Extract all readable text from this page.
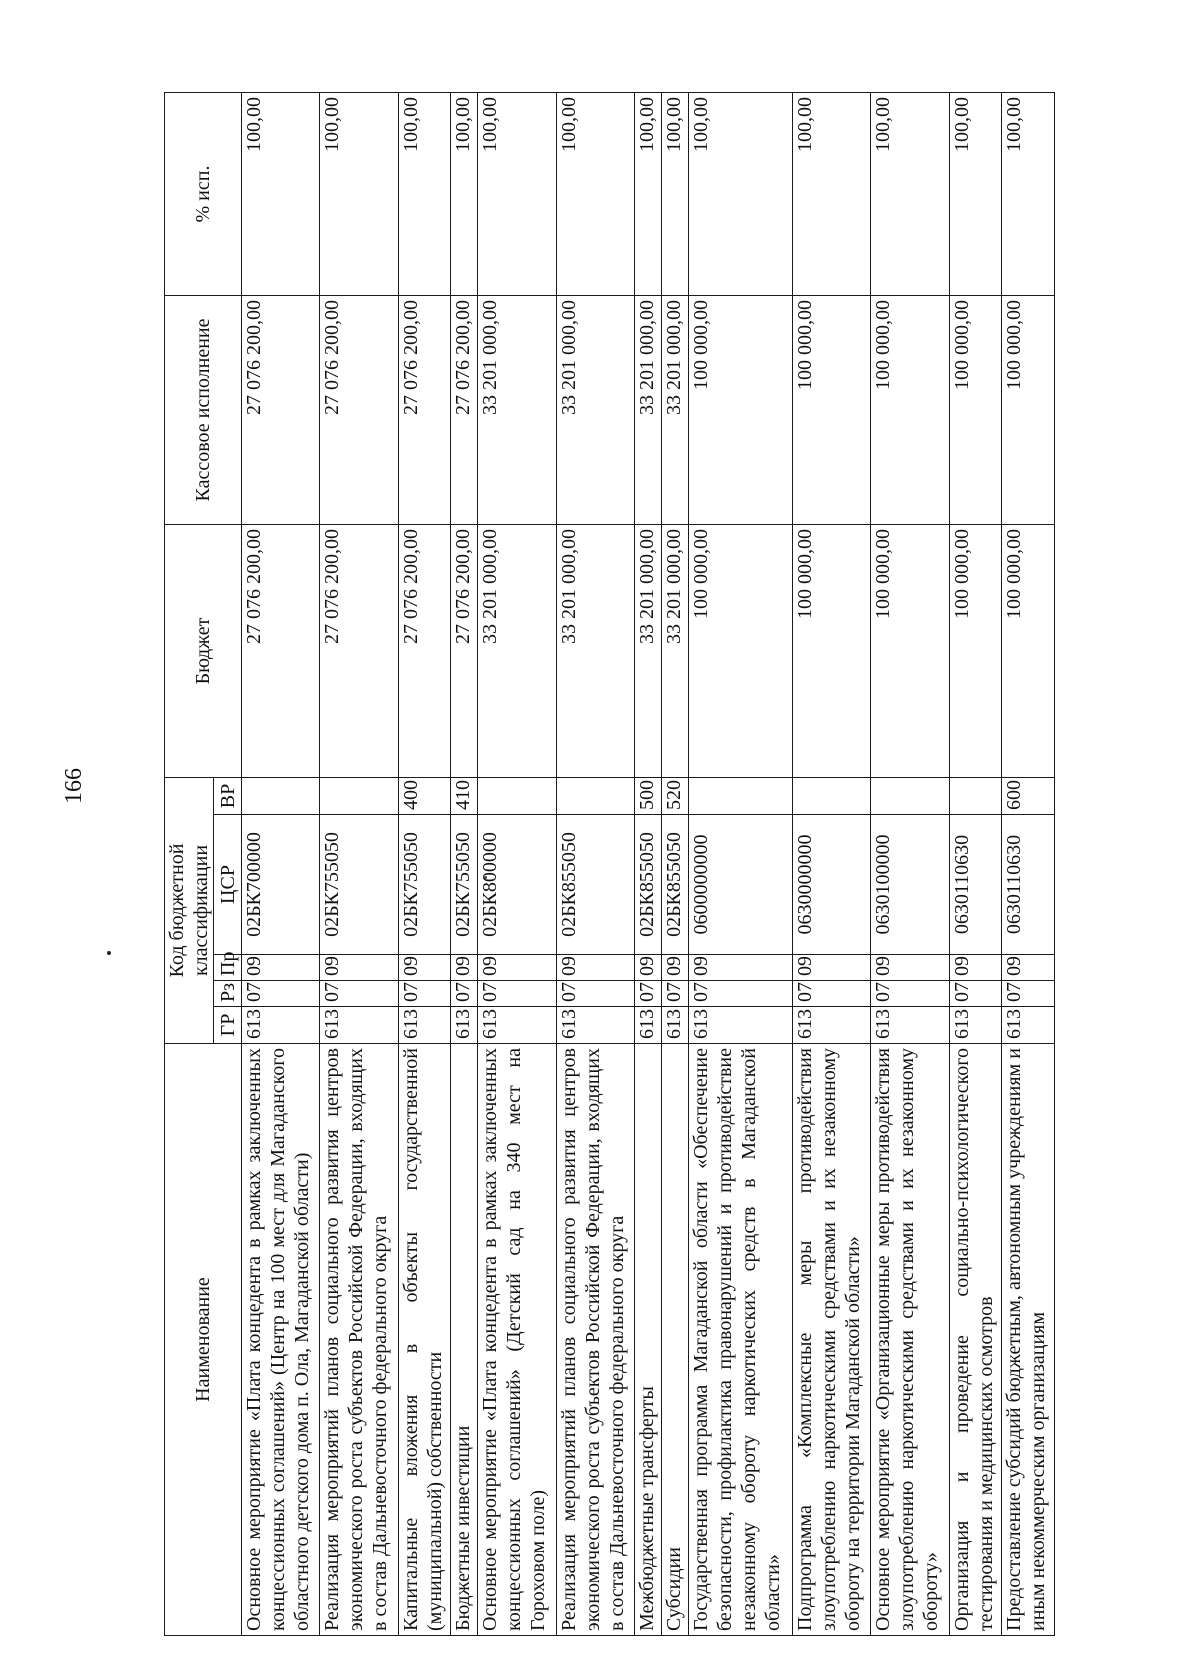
166
Наименование	Код бюджетной классификации					Бюджет	Кассовое исполнение	% исп.
	ГР	Рз	Пр	ЦСР	ВР			
Основное мероприятие «Плата концедента в рамках заключенных концессионных соглашений» (Центр на 100 мест для Магаданского областного детского дома п. Ола, Магаданской области)	613	07	09	02БК700000		27 076 200,00	27 076 200,00	100,00
Реализация мероприятий планов социального развития центров экономического роста субъектов Российской Федерации, входящих в состав Дальневосточного федерального округа	613	07	09	02БК755050		27 076 200,00	27 076 200,00	100,00
Капитальные вложения в объекты государственной (муниципальной) собственности	613	07	09	02БК755050	400	27 076 200,00	27 076 200,00	100,00
Бюджетные инвестиции	613	07	09	02БК755050	410	27 076 200,00	27 076 200,00	100,00
Основное мероприятие «Плата концедента в рамках заключенных концессионных соглашений» (Детский сад на 340 мест на Гороховом поле)	613	07	09	02БК800000		33 201 000,00	33 201 000,00	100,00
Реализация мероприятий планов социального развития центров экономического роста субъектов Российской Федерации, входящих в состав Дальневосточного федерального округа	613	07	09	02БК855050		33 201 000,00	33 201 000,00	100,00
Межбюджетные трансферты	613	07	09	02БК855050	500	33 201 000,00	33 201 000,00	100,00
Субсидии	613	07	09	02БК855050	520	33 201 000,00	33 201 000,00	100,00
Государственная программа Магаданской области «Обеспечение безопасности, профилактика правонарушений и противодействие незаконному обороту наркотических средств в Магаданской области»	613	07	09	0600000000		100 000,00	100 000,00	100,00
Подпрограмма «Комплексные меры противодействия злоупотреблению наркотическими средствами и их незаконному обороту на территории Магаданской области»	613	07	09	0630000000		100 000,00	100 000,00	100,00
Основное мероприятие «Организационные меры противодействия злоупотреблению наркотическими средствами и их незаконному обороту»	613	07	09	0630100000		100 000,00	100 000,00	100,00
Организация и проведение социально-психологического тестирования и медицинских осмотров	613	07	09	0630110630		100 000,00	100 000,00	100,00
Предоставление субсидий бюджетным, автономным учреждениям и иным некоммерческим организациям	613	07	09	0630110630	600	100 000,00	100 000,00	100,00
